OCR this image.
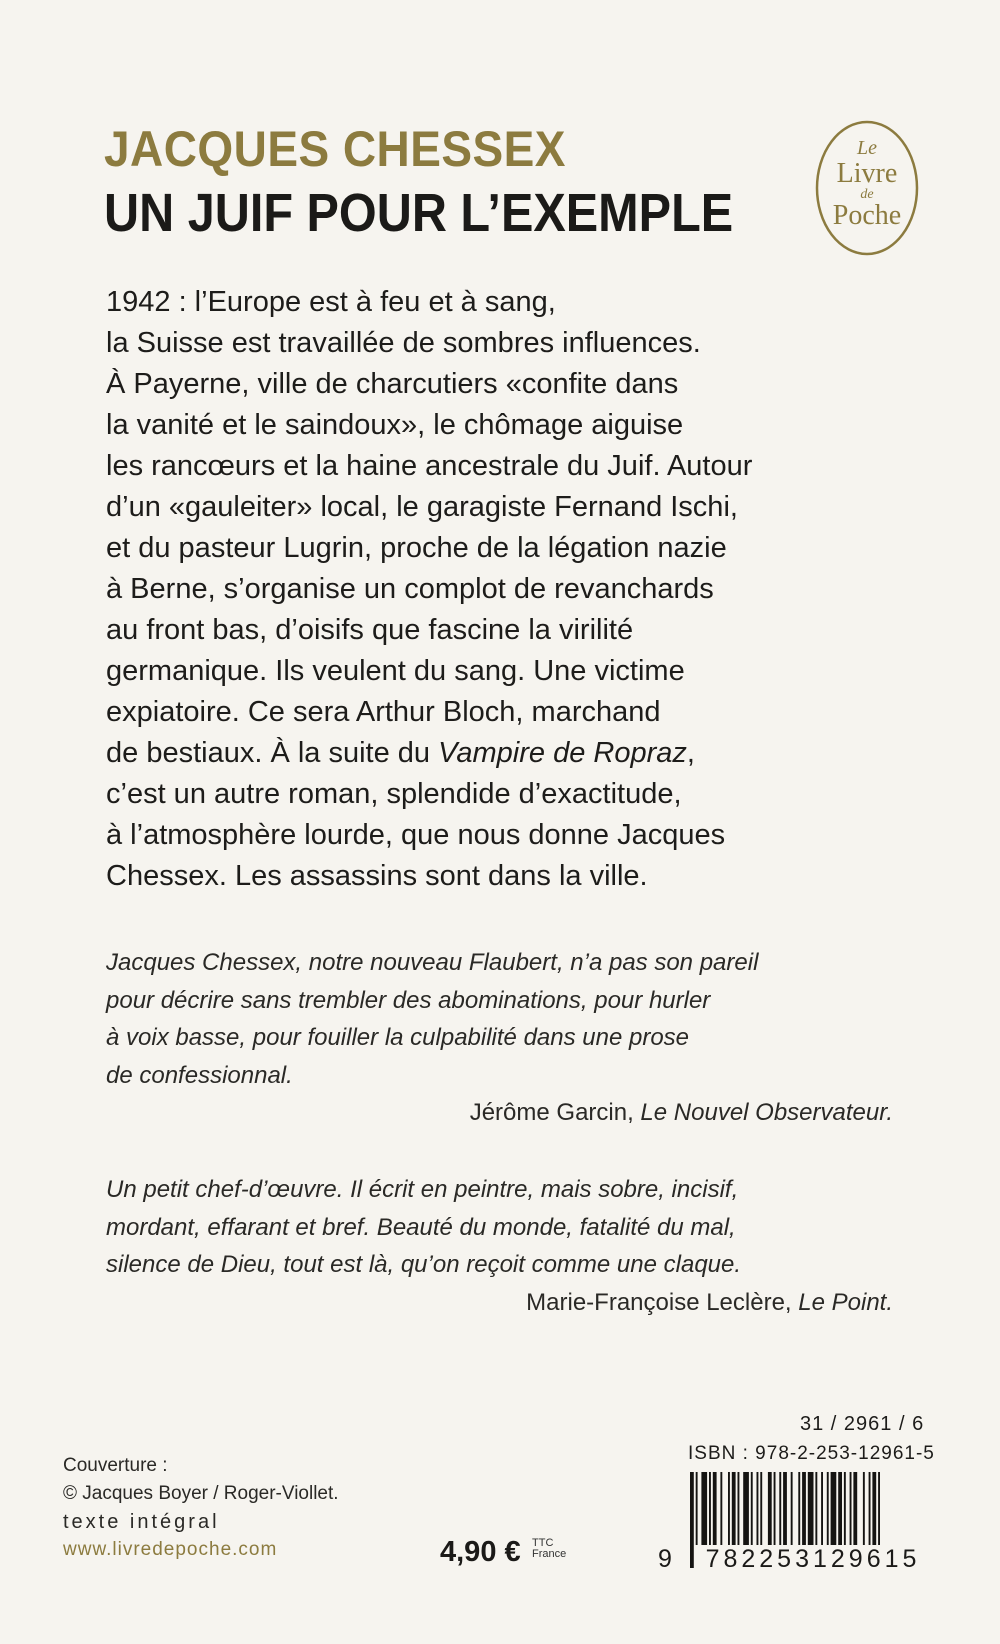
JACQUES CHESSEX
UN JUIF POUR L’EXEMPLE
Le
Livre
de
Poche
1942 : l’Europe est à feu et à sang,
la Suisse est travaillée de sombres influences.
À Payerne, ville de charcutiers «confite dans
la vanité et le saindoux», le chômage aiguise
les rancœurs et la haine ancestrale du Juif. Autour
d’un «gauleiter» local, le garagiste Fernand Ischi,
et du pasteur Lugrin, proche de la légation nazie
à Berne, s’organise un complot de revanchards
au front bas, d’oisifs que fascine la virilité
germanique. Ils veulent du sang. Une victime
expiatoire. Ce sera Arthur Bloch, marchand
de bestiaux. À la suite du Vampire de Ropraz,
c’est un autre roman, splendide d’exactitude,
à l’atmosphère lourde, que nous donne Jacques
Chessex. Les assassins sont dans la ville.
Jacques Chessex, notre nouveau Flaubert, n’a pas son pareil
pour décrire sans trembler des abominations, pour hurler
à voix basse, pour fouiller la culpabilité dans une prose
de confessionnal.
Jérôme Garcin, Le Nouvel Observateur.
Un petit chef-d’œuvre. Il écrit en peintre, mais sobre, incisif,
mordant, effarant et bref. Beauté du monde, fatalité du mal,
silence de Dieu, tout est là, qu’on reçoit comme une claque.
Marie-Françoise Leclère, Le Point.
Couverture :
© Jacques Boyer / Roger-Viollet.
texte intégral
www.livredepoche.com	4,90 € TTC
France
31 / 2961 / 6
ISBN : 978-2-253-12961-5
9	782253129615
